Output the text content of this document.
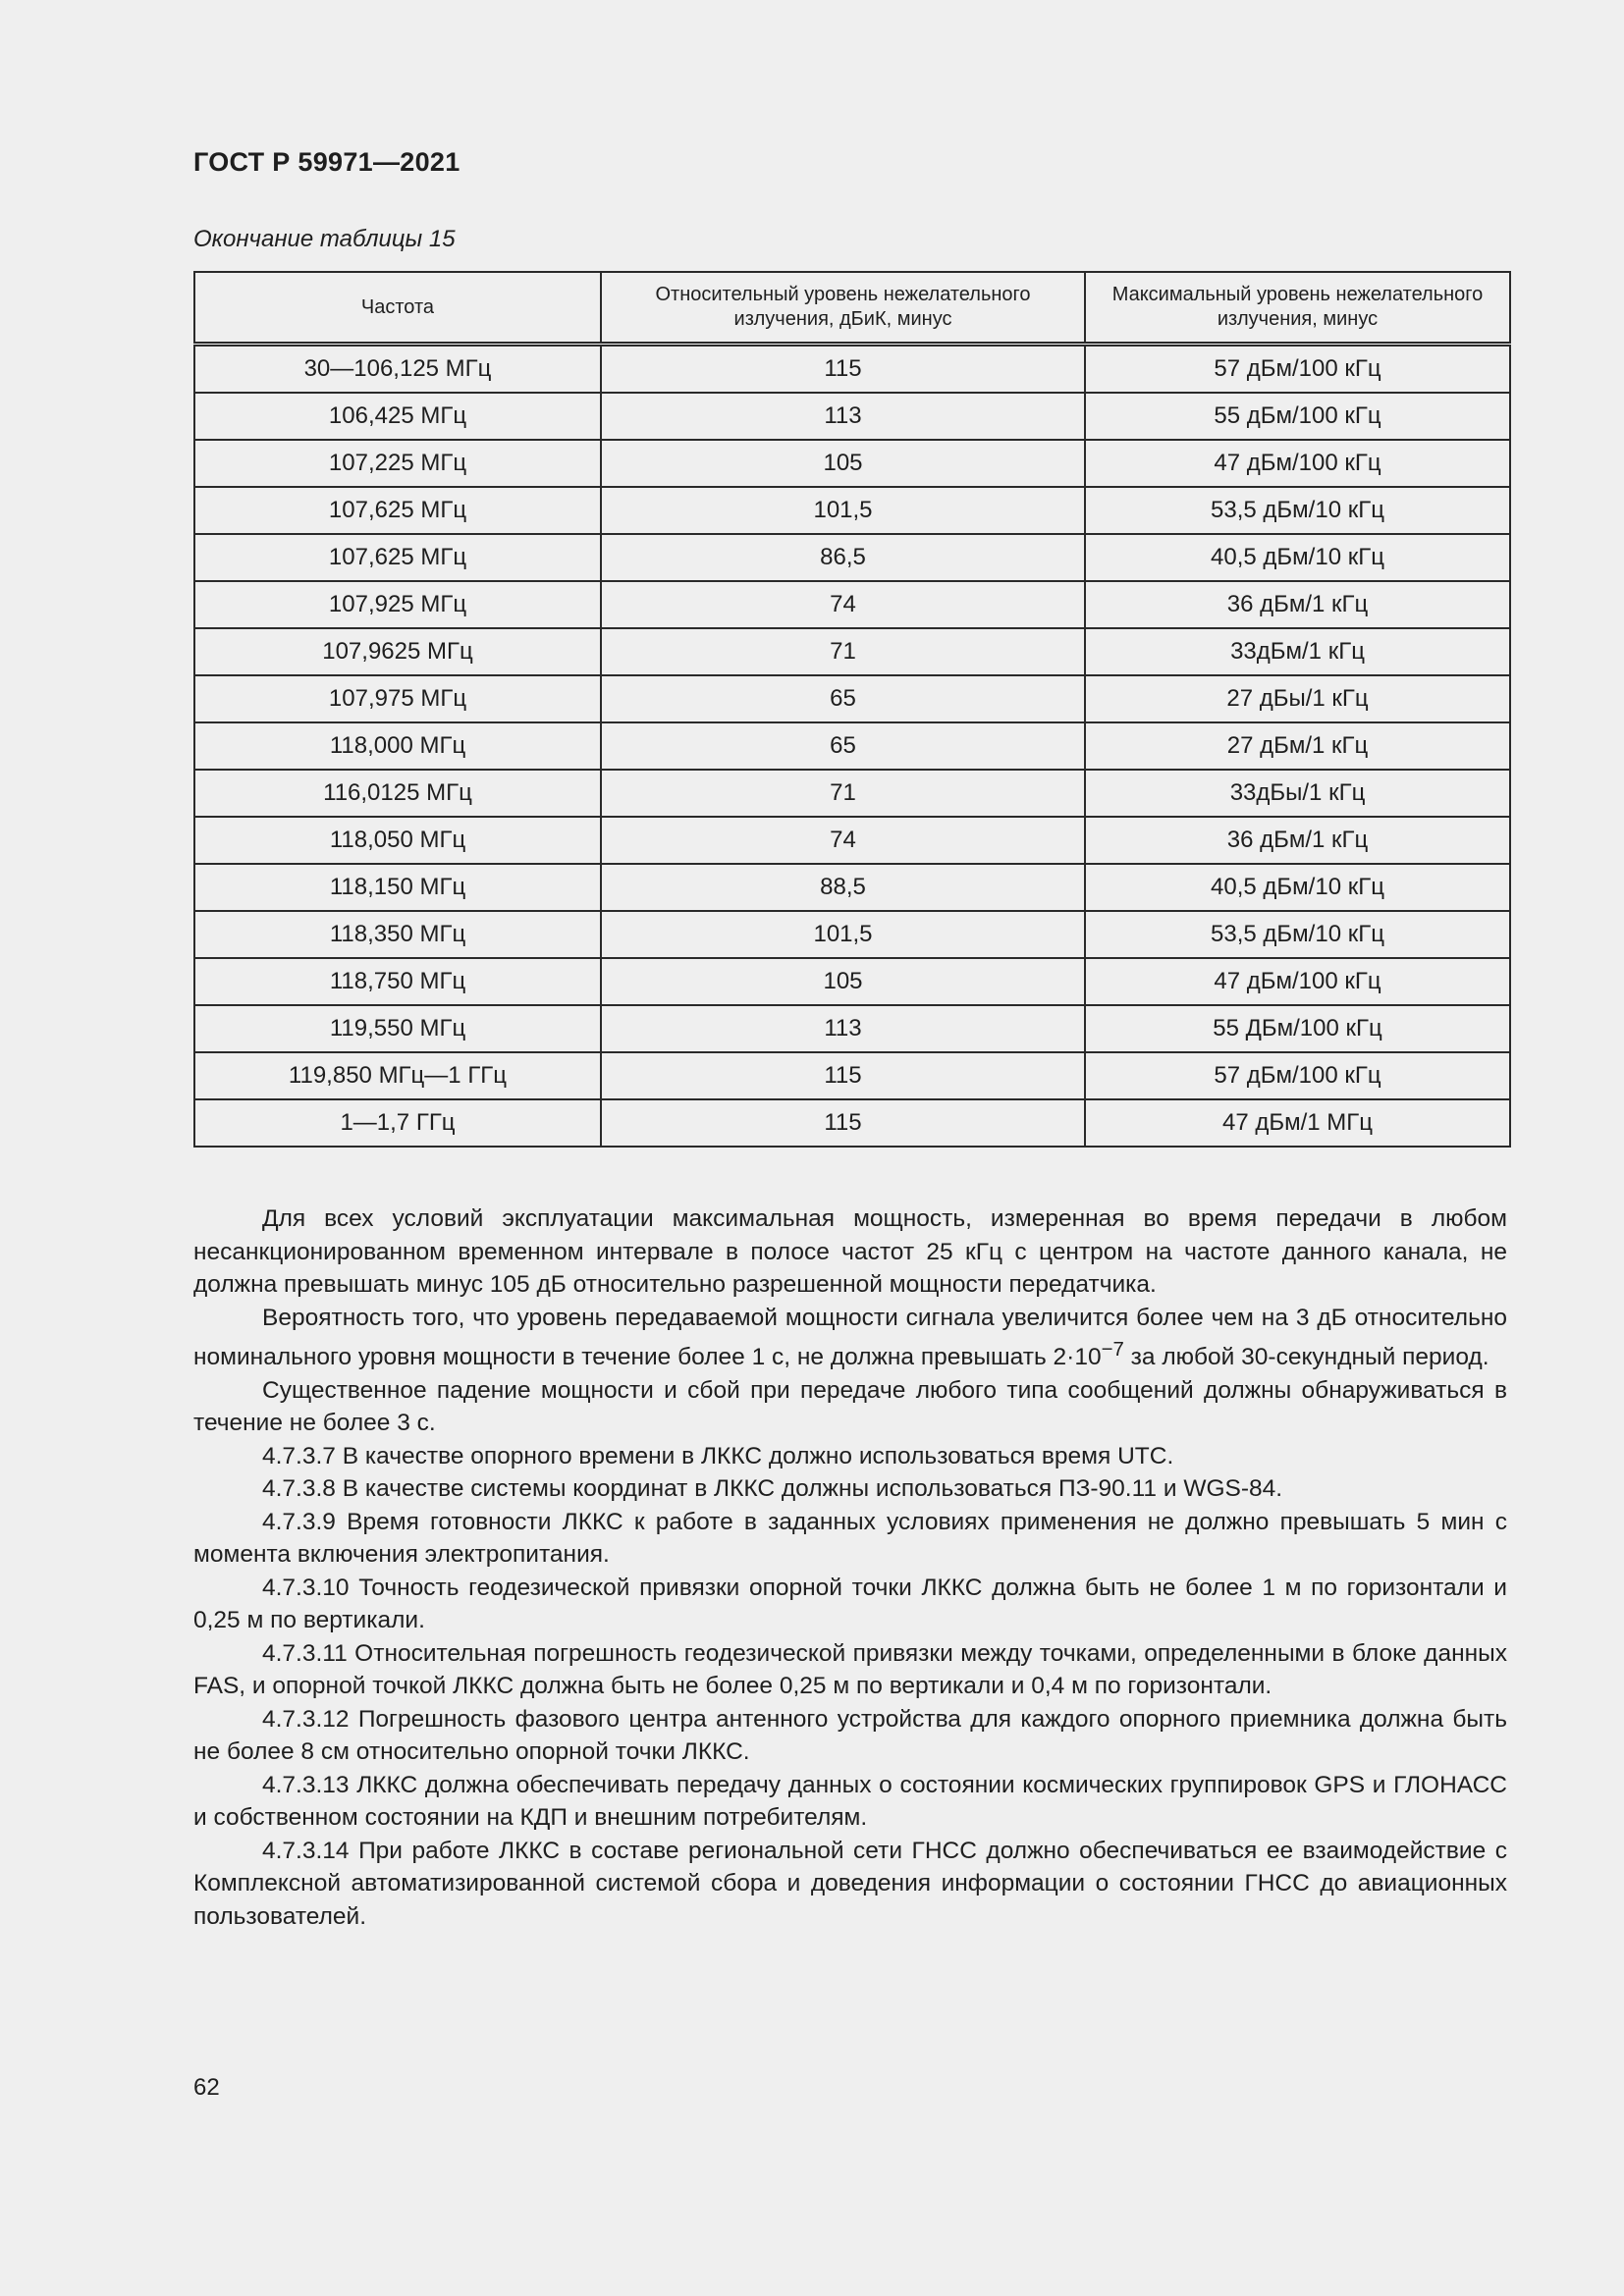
ГОСТ Р 59971—2021
Окончание таблицы 15
Частота	Относительный уровень нежелательного излучения, дБиК, минус	Максимальный уровень нежелательного излучения, минус
30—106,125 МГц	115	57 дБм/100 кГц
106,425 МГц	113	55 дБм/100 кГц
107,225 МГц	105	47 дБм/100 кГц
107,625 МГц	101,5	53,5 дБм/10 кГц
107,625 МГц	86,5	40,5 дБм/10 кГц
107,925 МГц	74	36 дБм/1 кГц
107,9625 МГц	71	33дБм/1 кГц
107,975 МГц	65	27 дБы/1 кГц
118,000 МГц	65	27 дБм/1 кГц
116,0125 МГц	71	33дБы/1 кГц
118,050 МГц	74	36 дБм/1 кГц
118,150 МГц	88,5	40,5 дБм/10 кГц
118,350 МГц	101,5	53,5 дБм/10 кГц
118,750 МГц	105	47 дБм/100 кГц
119,550 МГц	113	55 ДБм/100 кГц
119,850 МГц—1 ГГц	115	57 дБм/100 кГц
1—1,7 ГГц	115	47 дБм/1 МГц

Для всех условий эксплуатации максимальная мощность, измеренная во время передачи в любом несанкционированном временном интервале в полосе частот 25 кГц с центром на частоте данного канала, не должна превышать минус 105 дБ относительно разрешенной мощности передатчика.

Вероятность того, что уровень передаваемой мощности сигнала увеличится более чем на 3 дБ относительно номинального уровня мощности в течение более 1 с, не должна превышать $2\cdot 10^{-7}$ за любой 30-секундный период.

Существенное падение мощности и сбой при передаче любого типа сообщений должны обнаруживаться в течение не более 3 с.

4.7.3.7 В качестве опорного времени в ЛККС должно использоваться время UTC.

4.7.3.8 В качестве системы координат в ЛККС должны использоваться ПЗ-90.11 и WGS-84.

4.7.3.9 Время готовности ЛККС к работе в заданных условиях применения не должно превышать 5 мин с момента включения электропитания.

4.7.3.10 Точность геодезической привязки опорной точки ЛККС должна быть не более 1 м по горизонтали и 0,25 м по вертикали.

4.7.3.11 Относительная погрешность геодезической привязки между точками, определенными в блоке данных FAS, и опорной точкой ЛККС должна быть не более 0,25 м по вертикали и 0,4 м по горизонтали.

4.7.3.12 Погрешность фазового центра антенного устройства для каждого опорного приемника должна быть не более 8 см относительно опорной точки ЛККС.

4.7.3.13 ЛККС должна обеспечивать передачу данных о состоянии космических группировок GPS и ГЛОНАСС и собственном состоянии на КДП и внешним потребителям.

4.7.3.14 При работе ЛККС в составе региональной сети ГНСС должно обеспечиваться ее взаимодействие с Комплексной автоматизированной системой сбора и доведения информации о состоянии ГНСС до авиационных пользователей.

62
